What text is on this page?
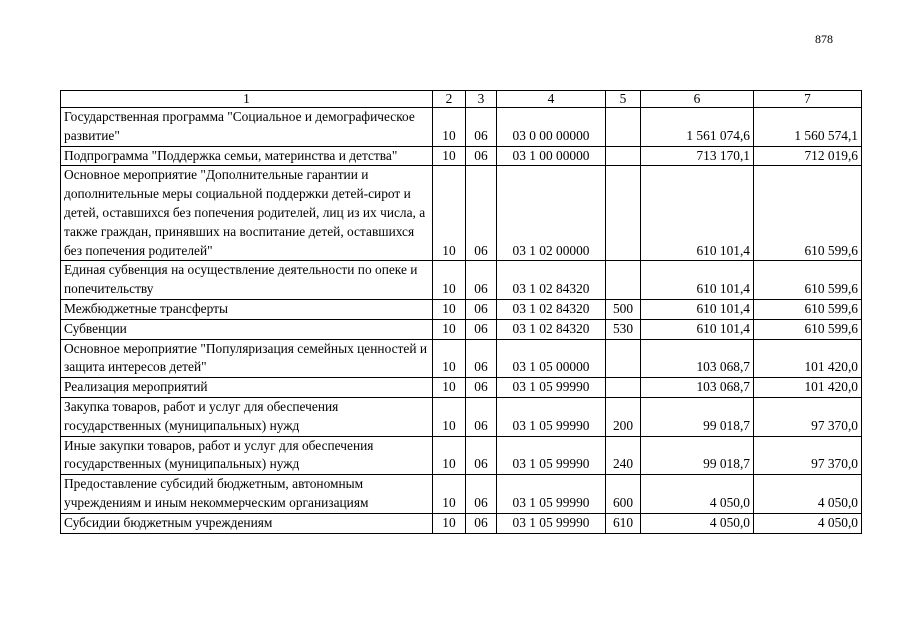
878
1	2	3	4	5	6	7
Государственная программа "Социальное и демографическое развитие"	10	06	03 0 00 00000		1 561 074,6	1 560 574,1
Подпрограмма "Поддержка семьи, материнства и детства"	10	06	03 1 00 00000		713 170,1	712 019,6
Основное мероприятие "Дополнительные гарантии и дополнительные меры социальной поддержки детей-сирот и детей, оставшихся без попечения родителей, лиц из их числа, а также граждан, принявших на воспитание детей, оставшихся без попечения родителей"	10	06	03 1 02 00000		610 101,4	610 599,6
Единая субвенция на осуществление деятельности по опеке и попечительству	10	06	03 1 02 84320		610 101,4	610 599,6
Межбюджетные трансферты	10	06	03 1 02 84320	500	610 101,4	610 599,6
Субвенции	10	06	03 1 02 84320	530	610 101,4	610 599,6
Основное мероприятие "Популяризация семейных ценностей и защита интересов детей"	10	06	03 1 05 00000		103 068,7	101 420,0
Реализация мероприятий	10	06	03 1 05 99990		103 068,7	101 420,0
Закупка товаров, работ и услуг для обеспечения государственных (муниципальных) нужд	10	06	03 1 05 99990	200	99 018,7	97 370,0
Иные закупки товаров, работ и услуг для обеспечения государственных (муниципальных) нужд	10	06	03 1 05 99990	240	99 018,7	97 370,0
Предоставление субсидий бюджетным, автономным учреждениям и иным некоммерческим организациям	10	06	03 1 05 99990	600	4 050,0	4 050,0
Субсидии бюджетным учреждениям	10	06	03 1 05 99990	610	4 050,0	4 050,0
